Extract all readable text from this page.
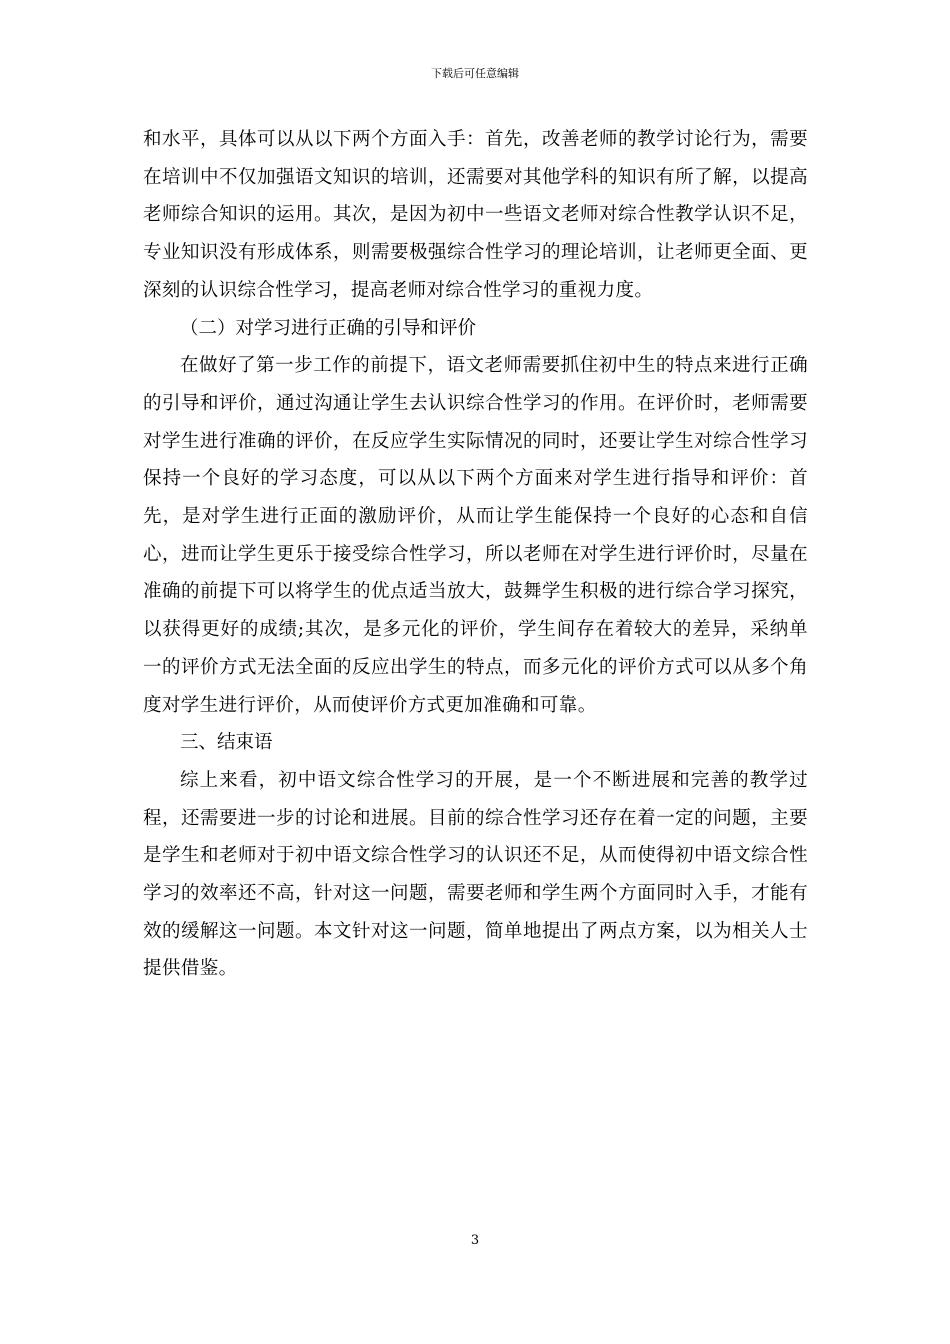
下载后可任意编辑

和水平，具体可以从以下两个方面入手：首先，改善老师的教学讨论行为，需要在培训中不仅加强语文知识的培训，还需要对其他学科的知识有所了解，以提高老师综合知识的运用。其次，是因为初中一些语文老师对综合性教学认识不足，专业知识没有形成体系，则需要极强综合性学习的理论培训，让老师更全面、更深刻的认识综合性学习，提高老师对综合性学习的重视力度。

（二）对学习进行正确的引导和评价

在做好了第一步工作的前提下，语文老师需要抓住初中生的特点来进行正确的引导和评价，通过沟通让学生去认识综合性学习的作用。在评价时，老师需要对学生进行准确的评价，在反应学生实际情况的同时，还要让学生对综合性学习保持一个良好的学习态度，可以从以下两个方面来对学生进行指导和评价：首先，是对学生进行正面的激励评价，从而让学生能保持一个良好的心态和自信心，进而让学生更乐于接受综合性学习，所以老师在对学生进行评价时，尽量在准确的前提下可以将学生的优点适当放大，鼓舞学生积极的进行综合学习探究，以获得更好的成绩;其次，是多元化的评价，学生间存在着较大的差异，采纳单一的评价方式无法全面的反应出学生的特点，而多元化的评价方式可以从多个角度对学生进行评价，从而使评价方式更加准确和可靠。

三、结束语

综上来看，初中语文综合性学习的开展，是一个不断进展和完善的教学过程，还需要进一步的讨论和进展。目前的综合性学习还存在着一定的问题，主要是学生和老师对于初中语文综合性学习的认识还不足，从而使得初中语文综合性学习的效率还不高，针对这一问题，需要老师和学生两个方面同时入手，才能有效的缓解这一问题。本文针对这一问题，简单地提出了两点方案，以为相关人士提供借鉴。

3
